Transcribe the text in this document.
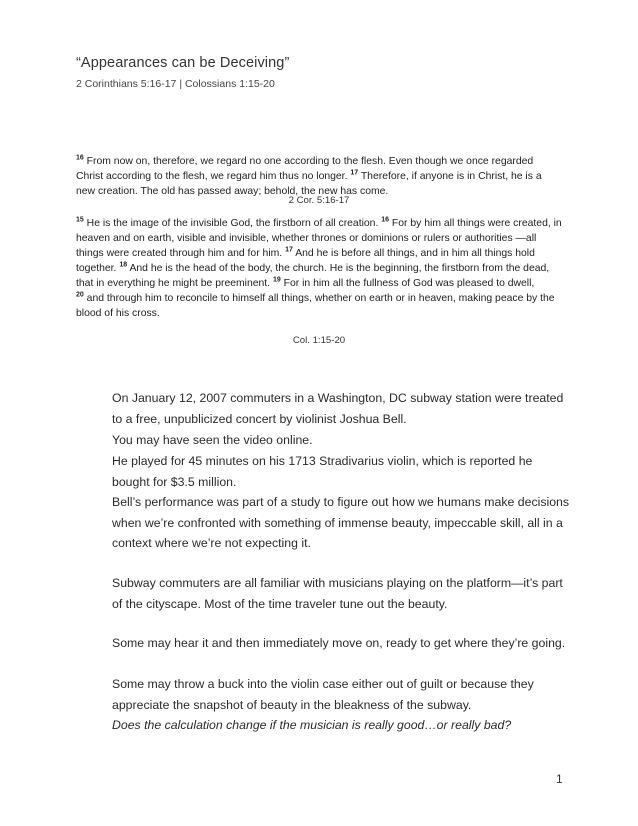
“Appearances can be Deceiving”
2 Corinthians 5:16-17 | Colossians 1:15-20
$^{16}$ From now on, therefore, we regard no one according to the flesh. Even though we once regarded Christ according to the flesh, we regard him thus no longer. $^{17}$ Therefore, if anyone is in Christ, he is a new creation. The old has passed away; behold, the new has come.
2 Cor. 5:16-17
$^{15}$ He is the image of the invisible God, the firstborn of all creation. $^{16}$ For by him all things were created, in heaven and on earth, visible and invisible, whether thrones or dominions or rulers or authorities —all things were created through him and for him. $^{17}$ And he is before all things, and in him all things hold together. $^{18}$ And he is the head of the body, the church. He is the beginning, the firstborn from the dead, that in everything he might be preeminent. $^{19}$ For in him all the fullness of God was pleased to dwell,
$^{20}$ and through him to reconcile to himself all things, whether on earth or in heaven, making peace by the blood of his cross.
Col. 1:15-20

On January 12, 2007 commuters in a Washington, DC subway station were treated to a free, unpublicized concert by violinist Joshua Bell.

You may have seen the video online.

He played for 45 minutes on his 1713 Stradivarius violin, which is reported he bought for $3.5 million.

Bell’s performance was part of a study to figure out how we humans make decisions when we’re confronted with something of immense beauty, impeccable skill, all in a context where we’re not expecting it.

Subway commuters are all familiar with musicians playing on the platform—it’s part of the cityscape. Most of the time traveler tune out the beauty.

Some may hear it and then immediately move on, ready to get where they’re going.

Some may throw a buck into the violin case either out of guilt or because they appreciate the snapshot of beauty in the bleakness of the subway.

Does the calculation change if the musician is really good…or really bad?

1
